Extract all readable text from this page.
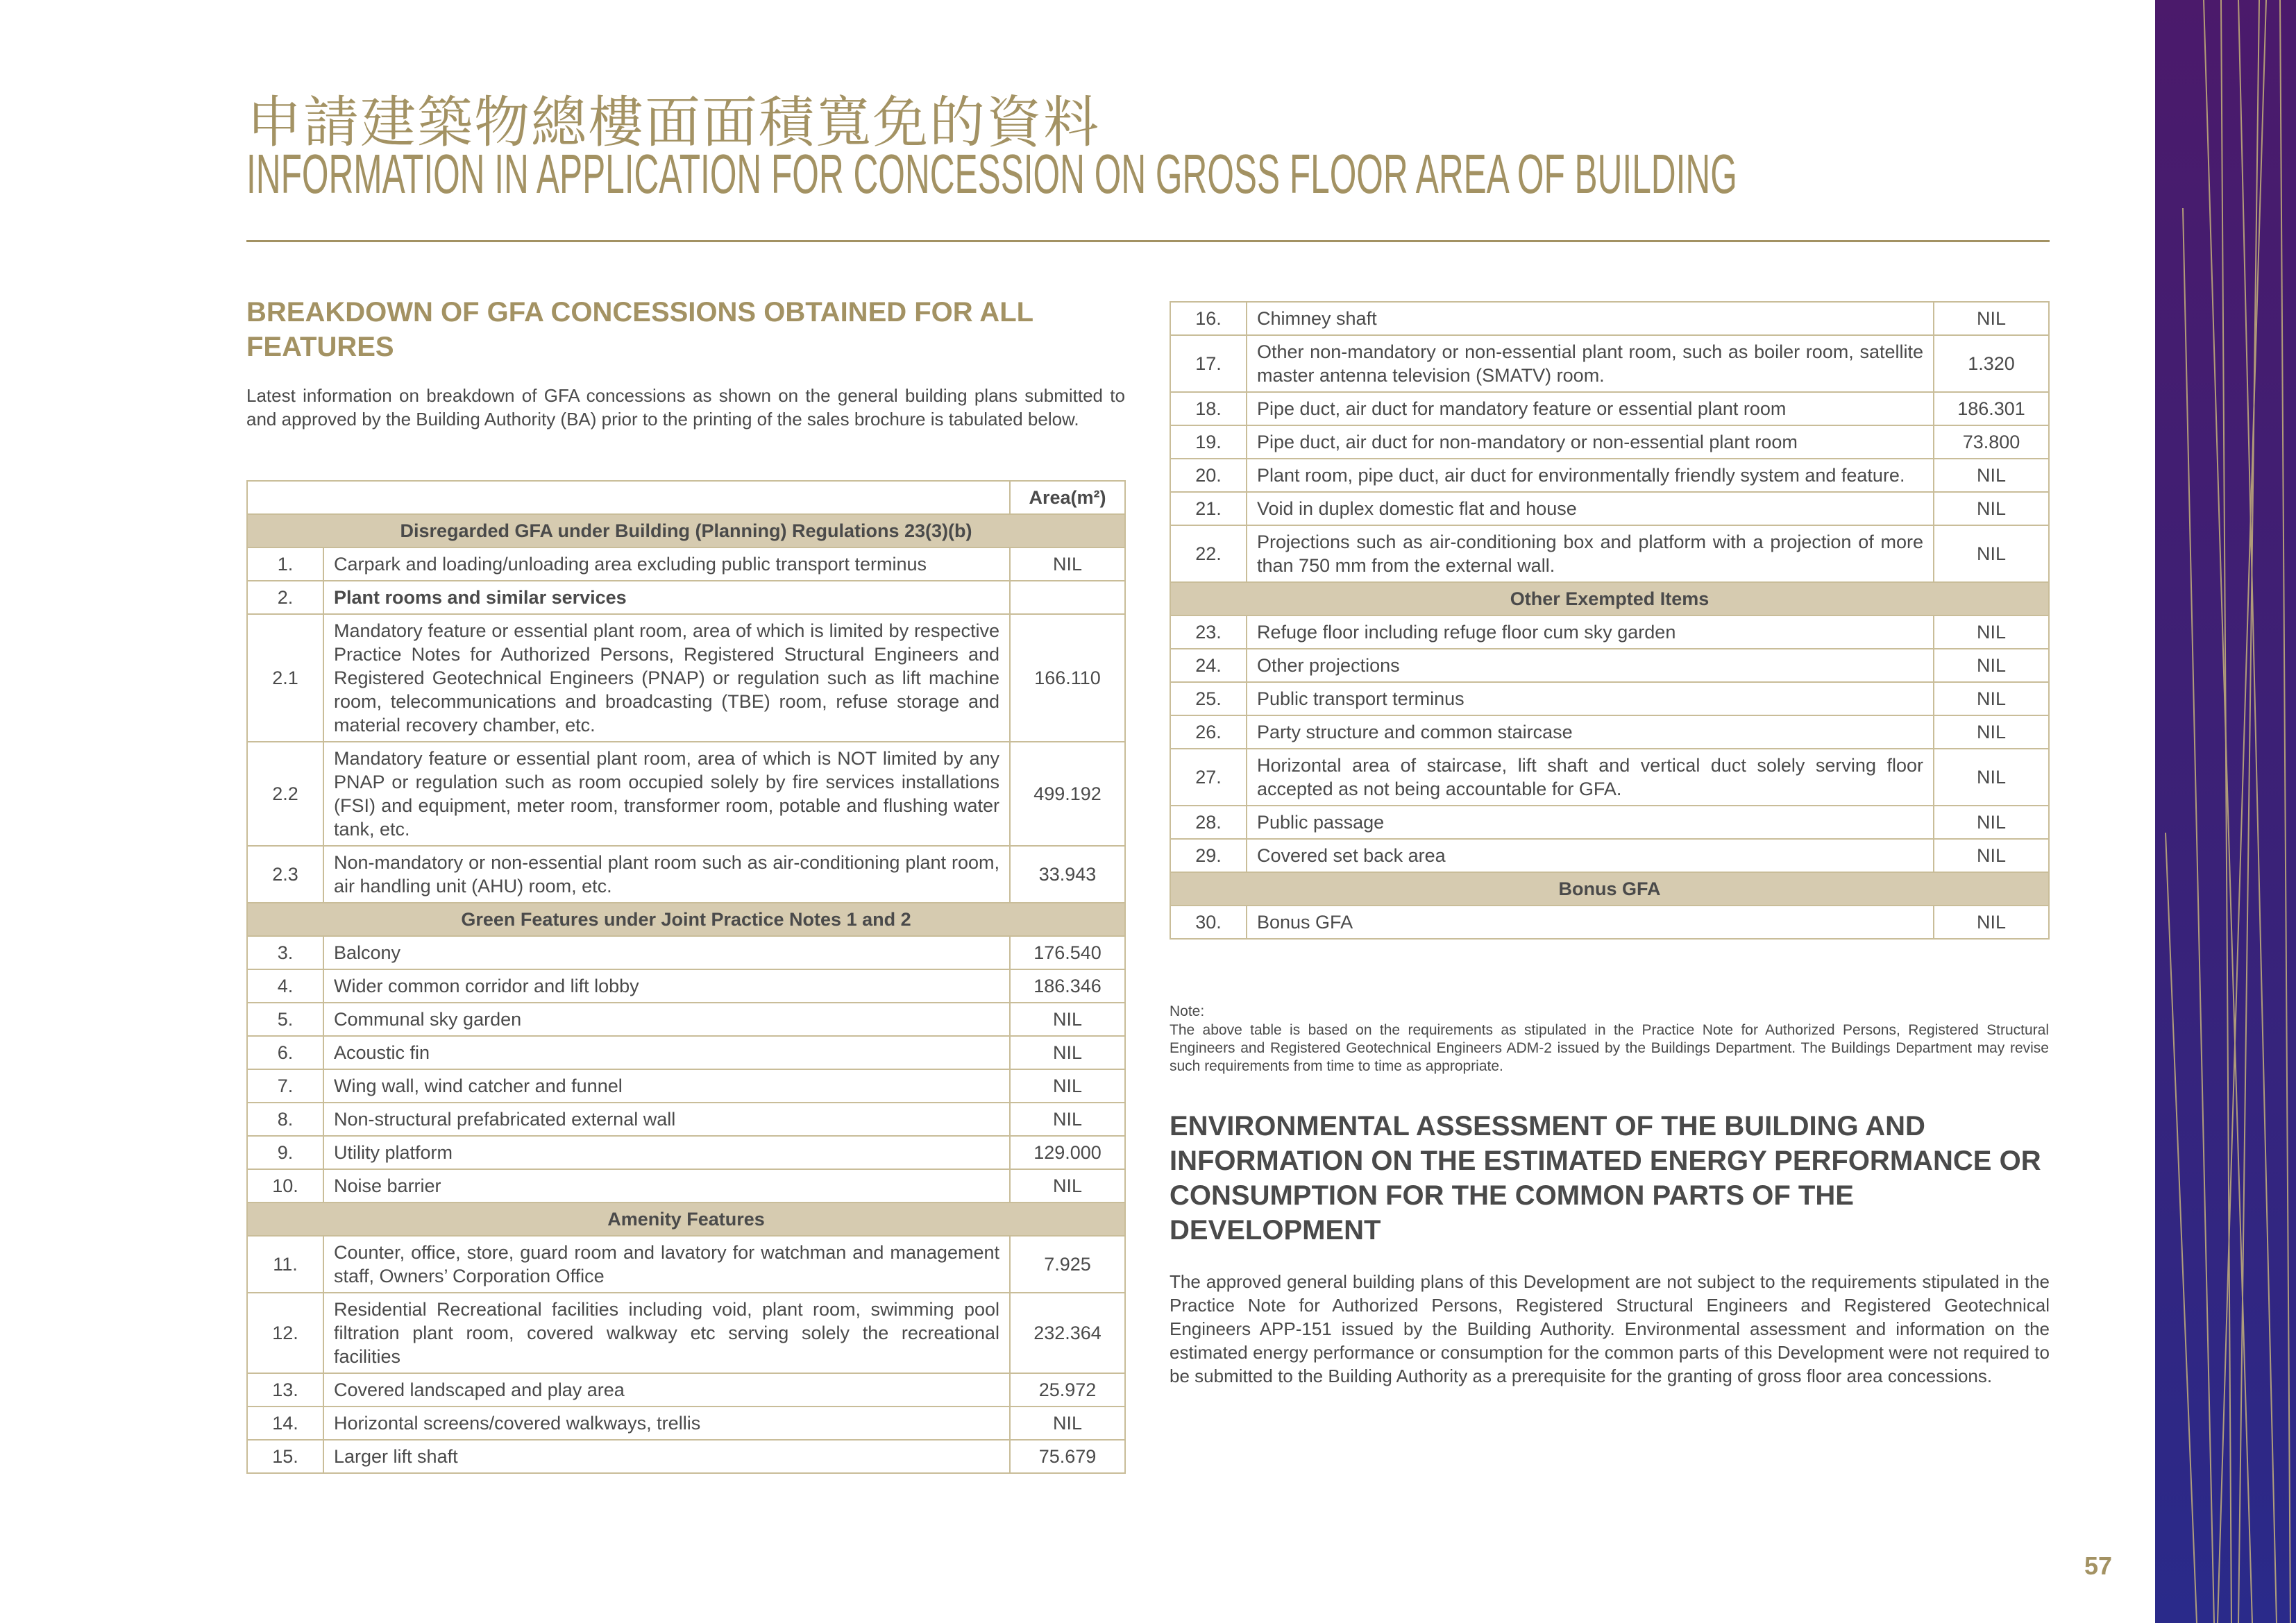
申請建築物總樓面面積寬免的資料
INFORMATION IN APPLICATION FOR CONCESSION ON GROSS FLOOR AREA OF BUILDING
BREAKDOWN OF GFA CONCESSIONS OBTAINED FOR ALL FEATURES

Latest information on breakdown of GFA concessions as shown on the general building plans submitted to and approved by the Building Authority (BA) prior to the printing of the sales brochure is tabulated below.

		Area(m²)
Disregarded GFA under Building (Planning) Regulations 23(3)(b)		
1.	Carpark and loading/unloading area excluding public transport terminus	NIL
2.	Plant rooms and similar services	
2.1	Mandatory feature or essential plant room, area of which is limited by respective Practice Notes for Authorized Persons, Registered Structural Engineers and Registered Geotechnical Engineers (PNAP) or regulation such as lift machine room, telecommunications and broadcasting (TBE) room, refuse storage and material recovery chamber, etc.	166.110
2.2	Mandatory feature or essential plant room, area of which is NOT limited by any PNAP or regulation such as room occupied solely by fire services installations (FSI) and equipment, meter room, transformer room, potable and flushing water tank, etc.	499.192
2.3	Non-mandatory or non-essential plant room such as air-conditioning plant room, air handling unit (AHU) room, etc.	33.943
Green Features under Joint Practice Notes 1 and 2		
3.	Balcony	176.540
4.	Wider common corridor and lift lobby	186.346
5.	Communal sky garden	NIL
6.	Acoustic fin	NIL
7.	Wing wall, wind catcher and funnel	NIL
8.	Non-structural prefabricated external wall	NIL
9.	Utility platform	129.000
10.	Noise barrier	NIL
Amenity Features		
11.	Counter, office, store, guard room and lavatory for watchman and management staff, Owners’ Corporation Office	7.925
12.	Residential Recreational facilities including void, plant room, swimming pool filtration plant room, covered walkway etc serving solely the recreational facilities	232.364
13.	Covered landscaped and play area	25.972
14.	Horizontal screens/covered walkways, trellis	NIL
15.	Larger lift shaft	75.679
16.	Chimney shaft	NIL
17.	Other non-mandatory or non-essential plant room, such as boiler room, satellite master antenna television (SMATV) room.	1.320
18.	Pipe duct, air duct for mandatory feature or essential plant room	186.301
19.	Pipe duct, air duct for non-mandatory or non-essential plant room	73.800
20.	Plant room, pipe duct, air duct for environmentally friendly system and feature.	NIL
21.	Void in duplex domestic flat and house	NIL
22.	Projections such as air-conditioning box and platform with a projection of more than 750 mm from the external wall.	NIL
Other Exempted Items		
23.	Refuge floor including refuge floor cum sky garden	NIL
24.	Other projections	NIL
25.	Public transport terminus	NIL
26.	Party structure and common staircase	NIL
27.	Horizontal area of staircase, lift shaft and vertical duct solely serving floor accepted as not being accountable for GFA.	NIL
28.	Public passage	NIL
29.	Covered set back area	NIL
Bonus GFA		
30.	Bonus GFA	NIL

Note:

The above table is based on the requirements as stipulated in the Practice Note for Authorized Persons, Registered Structural Engineers and Registered Geotechnical Engineers ADM-2 issued by the Buildings Department. The Buildings Department may revise such requirements from time to time as appropriate.

ENVIRONMENTAL ASSESSMENT OF THE BUILDING AND INFORMATION ON THE ESTIMATED ENERGY PERFORMANCE OR CONSUMPTION FOR THE COMMON PARTS OF THE DEVELOPMENT

The approved general building plans of this Development are not subject to the requirements stipulated in the Practice Note for Authorized Persons, Registered Structural Engineers and Registered Geotechnical Engineers APP-151 issued by the Building Authority. Environmental assessment and information on the estimated energy performance or consumption for the common parts of this Development were not required to be submitted to the Building Authority as a prerequisite for the granting of gross floor area concessions.

57
